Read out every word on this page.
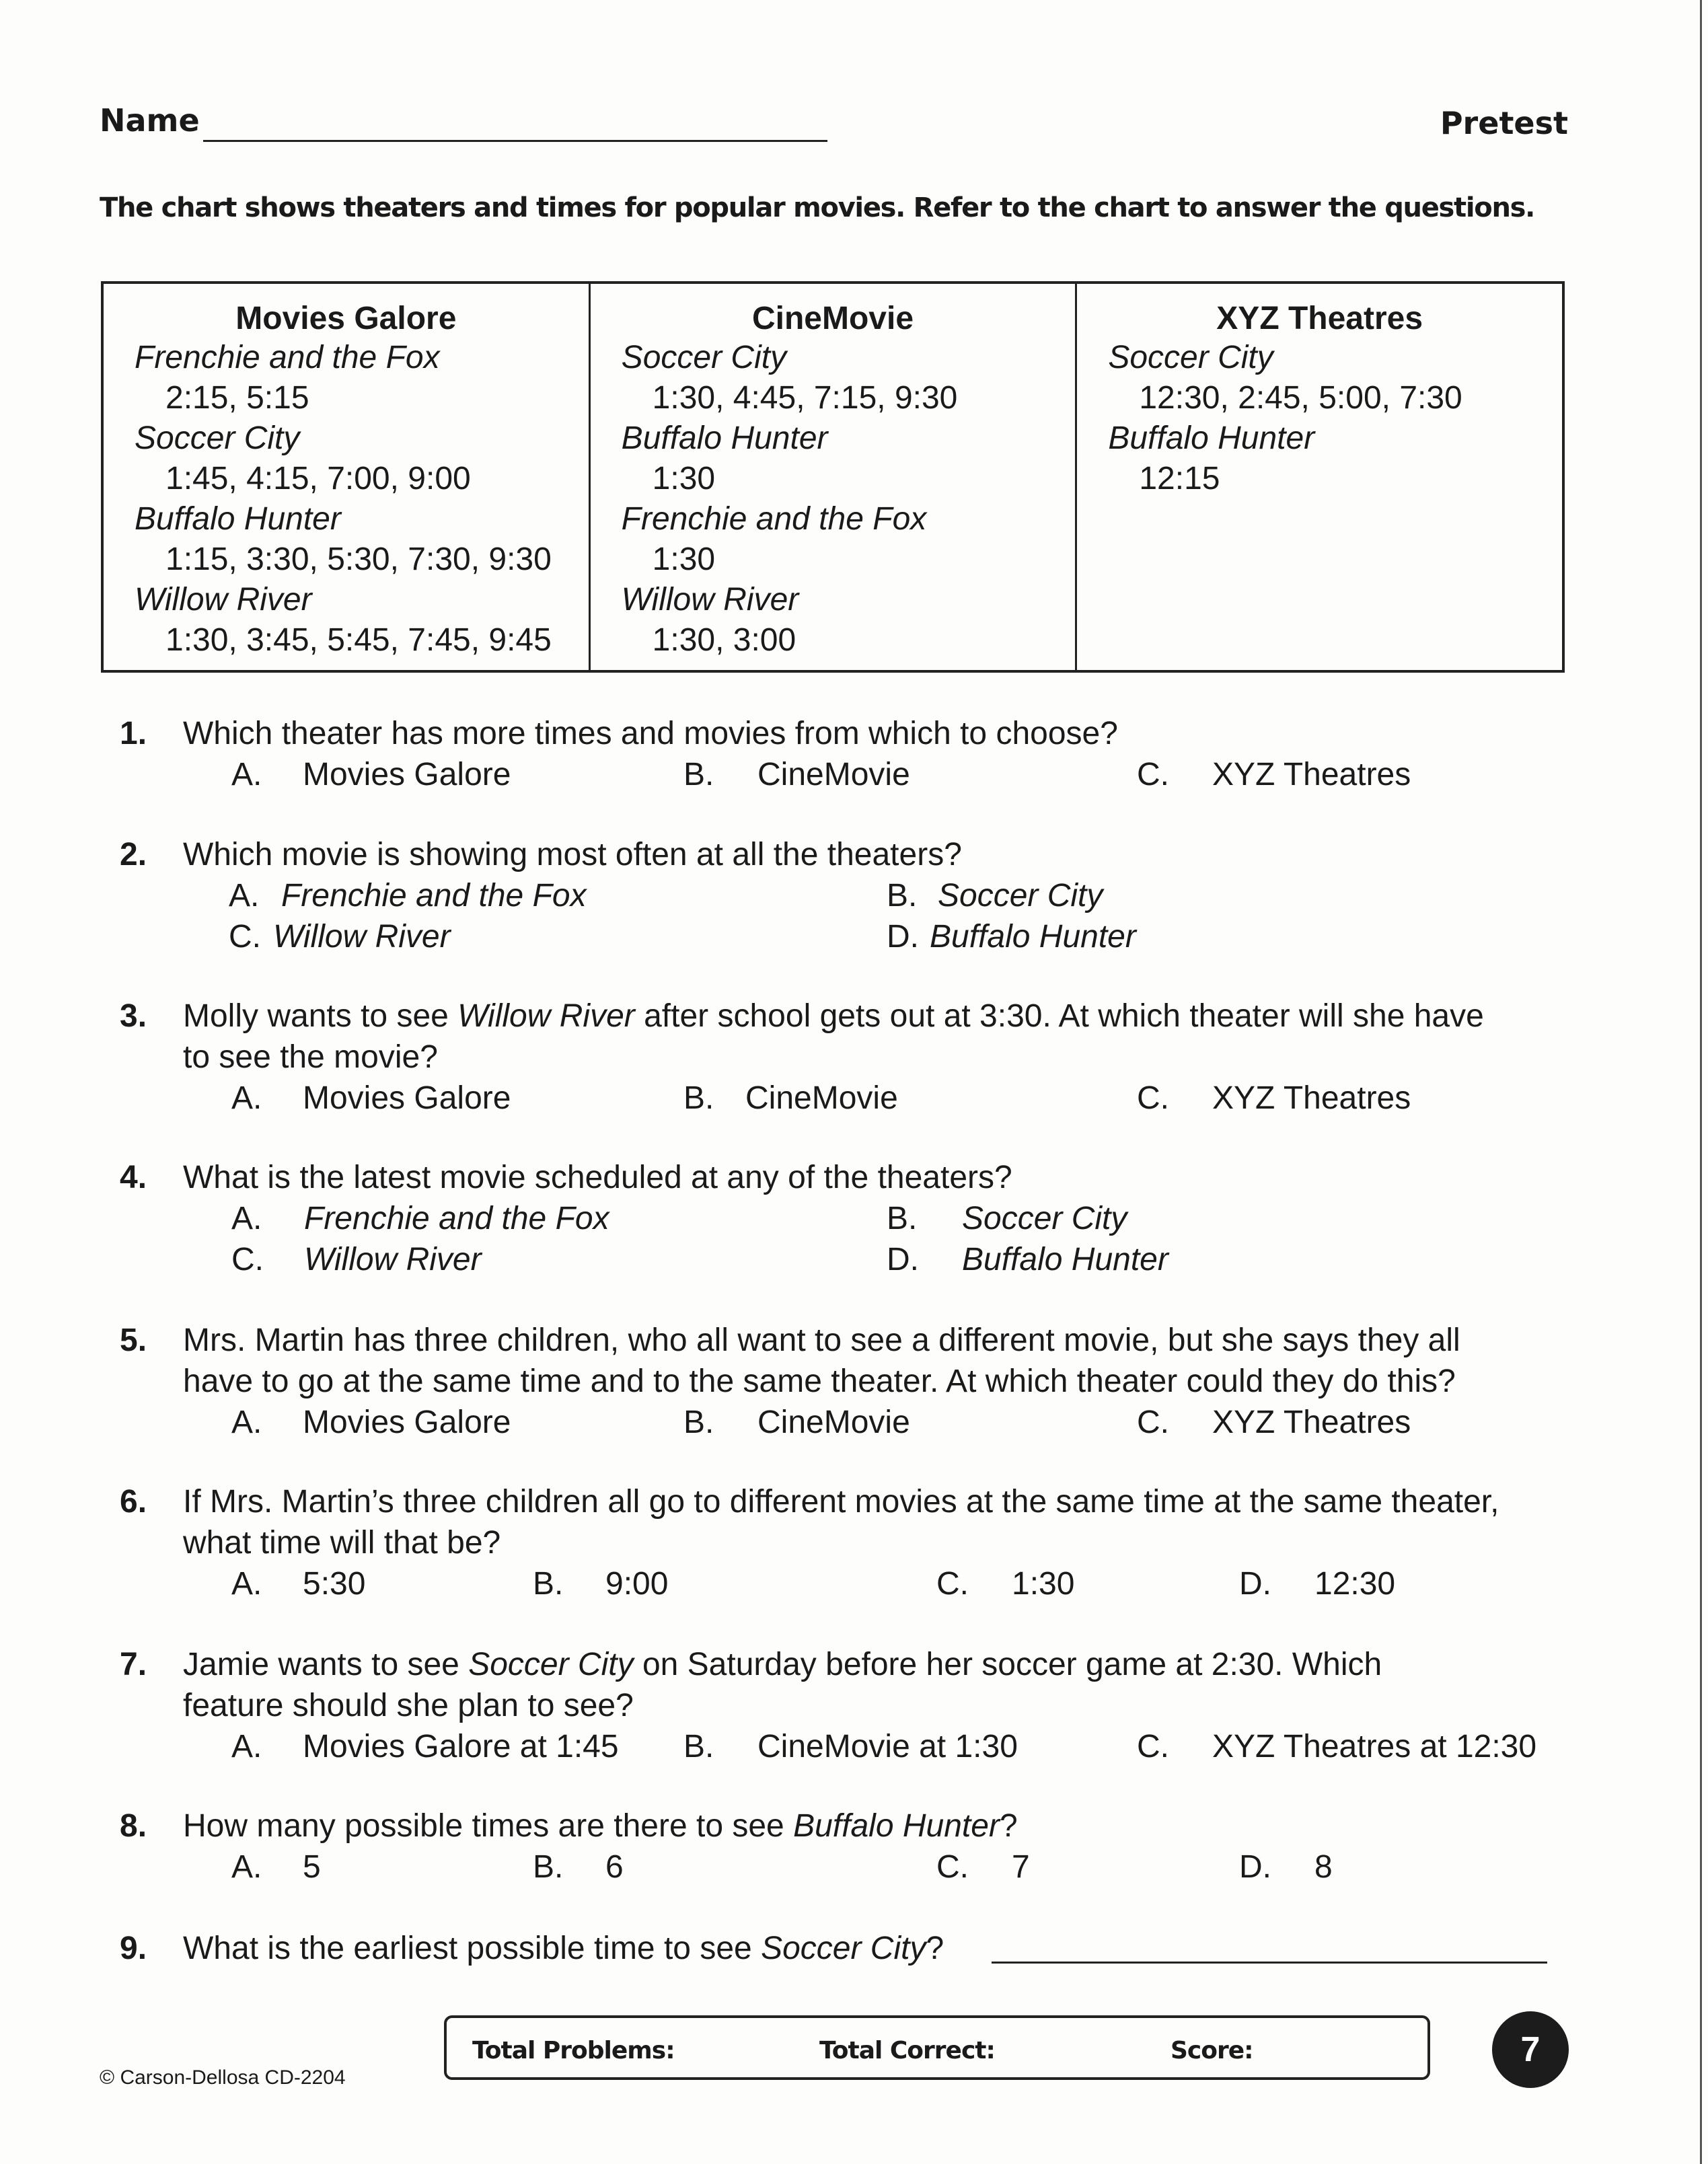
Name	Pretest
The chart shows theaters and times for popular movies. Refer to the chart to answer the questions.
Movies Galore
Frenchie and the Fox
2:15, 5:15
Soccer City
1:45, 4:15, 7:00, 9:00
Buffalo Hunter
1:15, 3:30, 5:30, 7:30, 9:30
Willow River
1:30, 3:45, 5:45, 7:45, 9:45
CineMovie
Soccer City
1:30, 4:45, 7:15, 9:30
Buffalo Hunter
1:30
Frenchie and the Fox
1:30
Willow River
1:30, 3:00
XYZ Theatres
Soccer City
12:30, 2:45, 5:00, 7:30
Buffalo Hunter
12:15
1. Which theater has more times and movies from which to choose?
A. Movies Galore	B. CineMovie	C. XYZ Theatres
2. Which movie is showing most often at all the theaters?
A. Frenchie and the Fox	B. Soccer City
C. Willow River	D. Buffalo Hunter
3. Molly wants to see Willow River after school gets out at 3:30. At which theater will she have
to see the movie?
A. Movies Galore	B. CineMovie	C. XYZ Theatres
4. What is the latest movie scheduled at any of the theaters?
A. Frenchie and the Fox	B. Soccer City
C. Willow River	D. Buffalo Hunter
5. Mrs. Martin has three children, who all want to see a different movie, but she says they all
have to go at the same time and to the same theater. At which theater could they do this?
A. Movies Galore	B. CineMovie	C. XYZ Theatres
6. If Mrs. Martin’s three children all go to different movies at the same time at the same theater,
what time will that be?
A. 5:30	B. 9:00	C. 1:30	D. 12:30
7. Jamie wants to see Soccer City on Saturday before her soccer game at 2:30. Which
feature should she plan to see?
A. Movies Galore at 1:45 B. CineMovie at 1:30	C. XYZ Theatres at 12:30
8. How many possible times are there to see Buffalo Hunter?
A. 5	B. 6	C. 7	D. 8
9. What is the earliest possible time to see Soccer City?
© Carson-Dellosa CD-2204
Total Problems:	Total Correct:	Score:	7
